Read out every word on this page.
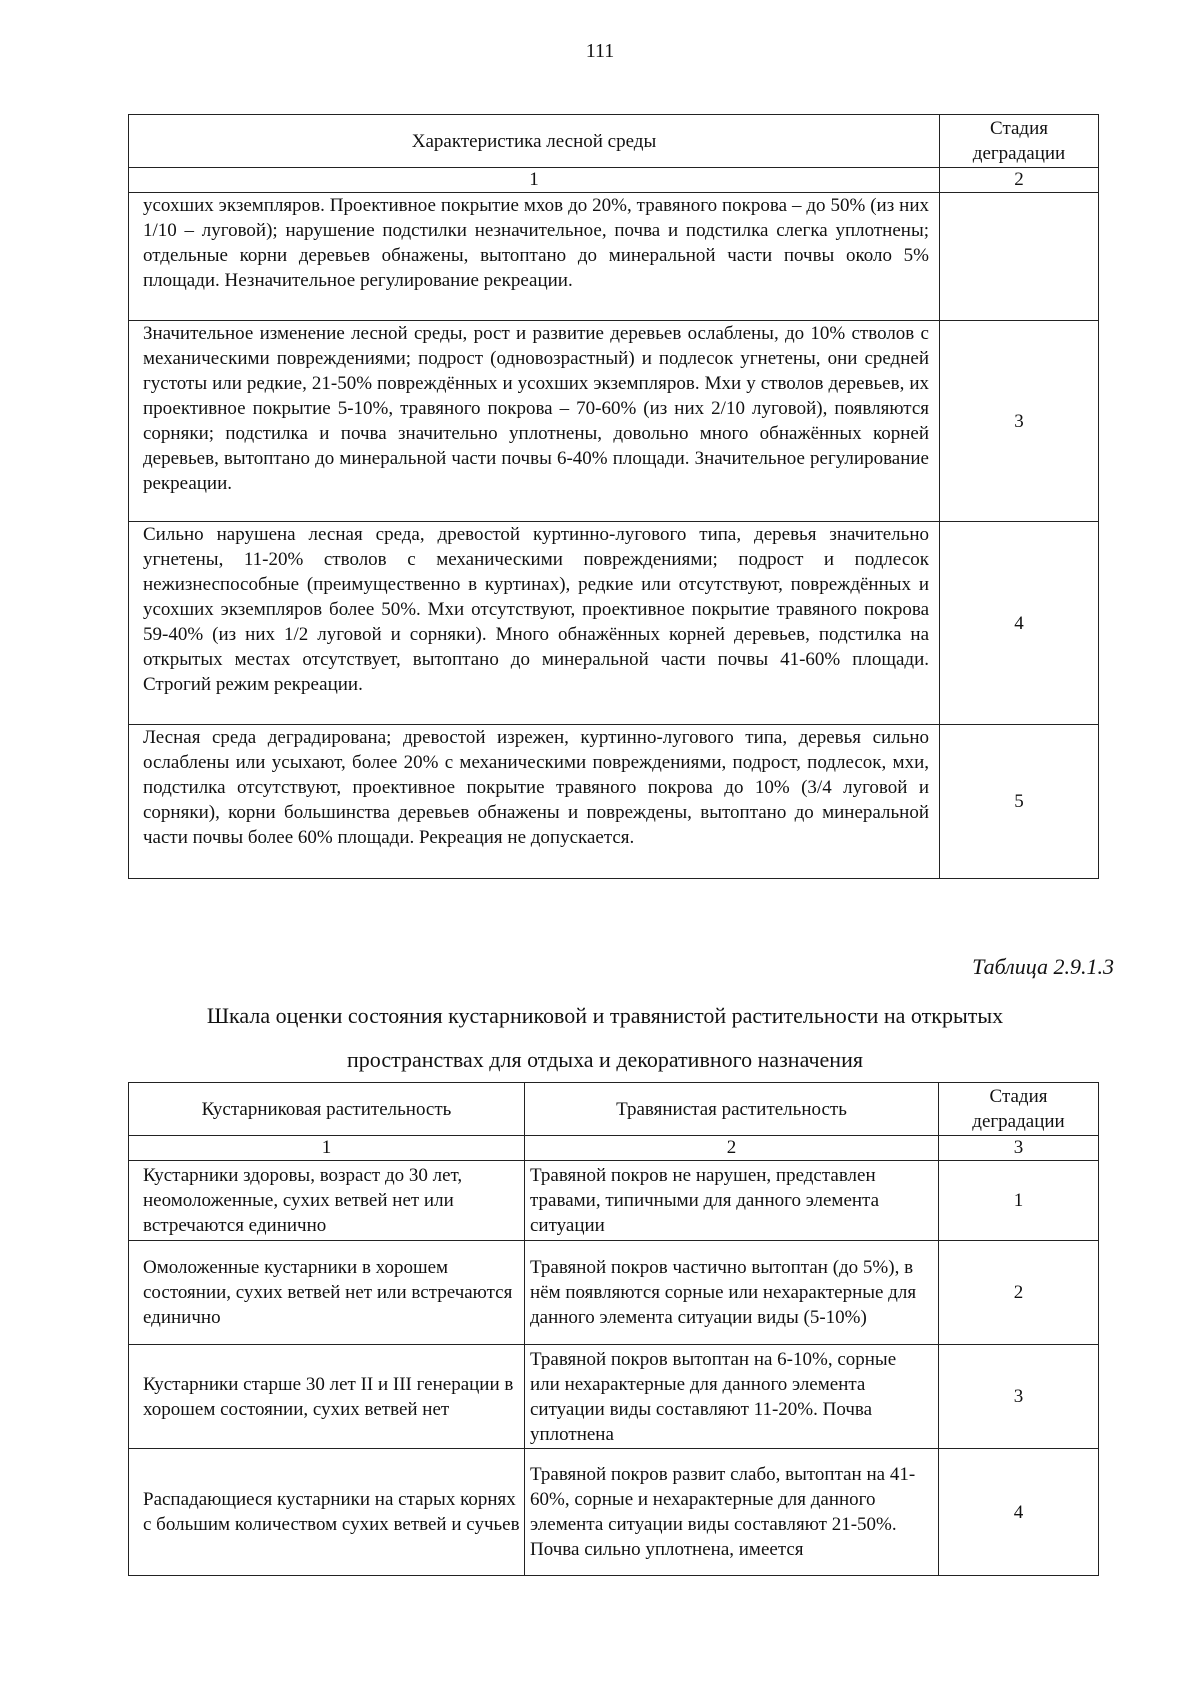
111
Характеристика лесной среды	Стадия деградации

1	2
усохших экземпляров. Проективное покрытие мхов до 20%, травяного покрова – до 50% (из них 1/10 – луговой); нарушение подстилки незначительное, почва и подстилка слегка уплотнены; отдельные корни деревьев обнажены, вытоптано до минеральной части почвы около 5% площади. Незначительное регулирование рекреации.	
Значительное изменение лесной среды, рост и развитие деревьев ослаблены, до 10% стволов с механическими повреждениями; подрост (одновозрастный) и подлесок угнетены, они средней густоты или редкие, 21-50% повреждённых и усохших экземпляров. Мхи у стволов деревьев, их проективное покрытие 5-10%, травяного покрова – 70-60% (из них 2/10 луговой), появляются сорняки; подстилка и почва значительно уплотнены, довольно много обнажённых корней деревьев, вытоптано до минеральной части почвы 6-40% площади. Значительное регулирование рекреации.	3
Сильно нарушена лесная среда, древостой куртинно-лугового типа, деревья значительно угнетены, 11-20% стволов с механическими повреждениями; подрост и подлесок нежизнеспособные (преимущественно в куртинах), редкие или отсутствуют, повреждённых и усохших экземпляров более 50%. Мхи отсутствуют, проективное покрытие травяного покрова 59-40% (из них 1/2 луговой и сорняки). Много обнажённых корней деревьев, подстилка на открытых местах отсутствует, вытоптано до минеральной части почвы 41-60% площади. Строгий режим рекреации.	4
Лесная среда деградирована; древостой изрежен, куртинно-лугового типа, деревья сильно ослаблены или усыхают, более 20% с механическими повреждениями, подрост, подлесок, мхи, подстилка отсутствуют, проективное покрытие травяного покрова до 10% (3/4 луговой и сорняки), корни большинства деревьев обнажены и повреждены, вытоптано до минеральной части почвы более 60% площади. Рекреация не допускается.	5
Таблица 2.9.1.3
Шкала оценки состояния кустарниковой и травянистой растительности на открытых пространствах для отдыха и декоративного назначения
Кустарниковая растительность	Травянистая растительность	Стадия деградации

1	2	3
Кустарники здоровы, возраст до 30 лет, неомоложенные, сухих ветвей нет или встречаются единично	Травяной покров не нарушен, представлен травами, типичными для данного элемента ситуации	1
Омоложенные кустарники в хорошем состоянии, сухих ветвей нет или встречаются единично	Травяной покров частично вытоптан (до 5%), в нём появляются сорные или нехарактерные для данного элемента ситуации виды (5-10%)	2
Кустарники старше 30 лет II и III генерации в хорошем состоянии, сухих ветвей нет	Травяной покров вытоптан на 6-10%, сорные или нехарактерные для данного элемента ситуации виды составляют 11-20%. Почва уплотнена	3
Распадающиеся кустарники на старых корнях с большим количеством сухих ветвей и сучьев	Травяной покров развит слабо, вытоптан на 41-60%, сорные и нехарактерные для данного элемента ситуации виды составляют 21-50%. Почва сильно уплотнена, имеется	4
